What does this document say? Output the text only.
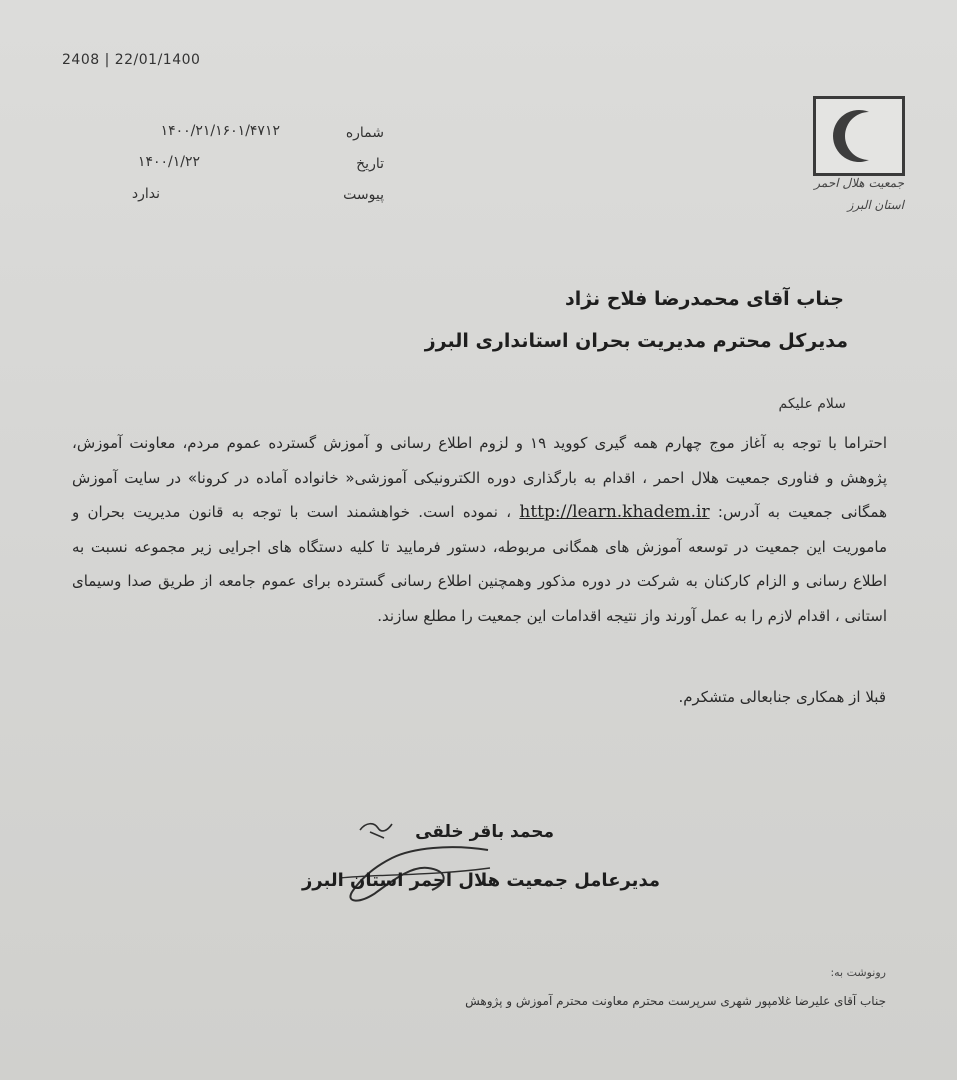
2408 | 22/01/1400
شماره
۱۴۰۰/۲۱/۱۶۰۱/۴۷۱۲
تاریخ
۱۴۰۰/۱/۲۲
پیوست
ندارد
جمعیت هلال احمر
استان البرز
جناب آقای محمدرضا فلاح نژاد
مدیرکل محترم مدیریت بحران استانداری البرز
سلام علیکم
احتراما با توجه به آغاز موج چهارم همه گیری کووید ۱۹ و لزوم اطلاع رسانی و آموزش گسترده عموم مردم، معاونت آموزش، پژوهش و فناوری جمعیت هلال احمر ، اقدام به بارگذاری دوره الکترونیکی آموزشی« خانواده آماده در کرونا» در سایت آموزش همگانی جمعیت به آدرس: http://learn.khadem.ir ، نموده است. خواهشمند است با توجه به قانون مدیریت بحران و ماموریت این جمعیت در توسعه آموزش های همگانی مربوطه، دستور فرمایید تا کلیه دستگاه های اجرایی زیر مجموعه نسبت به اطلاع رسانی و الزام کارکنان به شرکت در دوره مذکور وهمچنین اطلاع رسانی گسترده برای عموم جامعه از طریق صدا وسیمای استانی ، اقدام لازم را به عمل آورند واز نتیجه اقدامات این جمعیت را مطلع سازند.
قبلا از همکاری جنابعالی متشکرم.
محمد باقر خلقی
مدیرعامل جمعیت هلال احمر استان البرز
رونوشت به:
جناب آقای علیرضا غلامپور شهری سرپرست محترم معاونت محترم آموزش و پژوهش
